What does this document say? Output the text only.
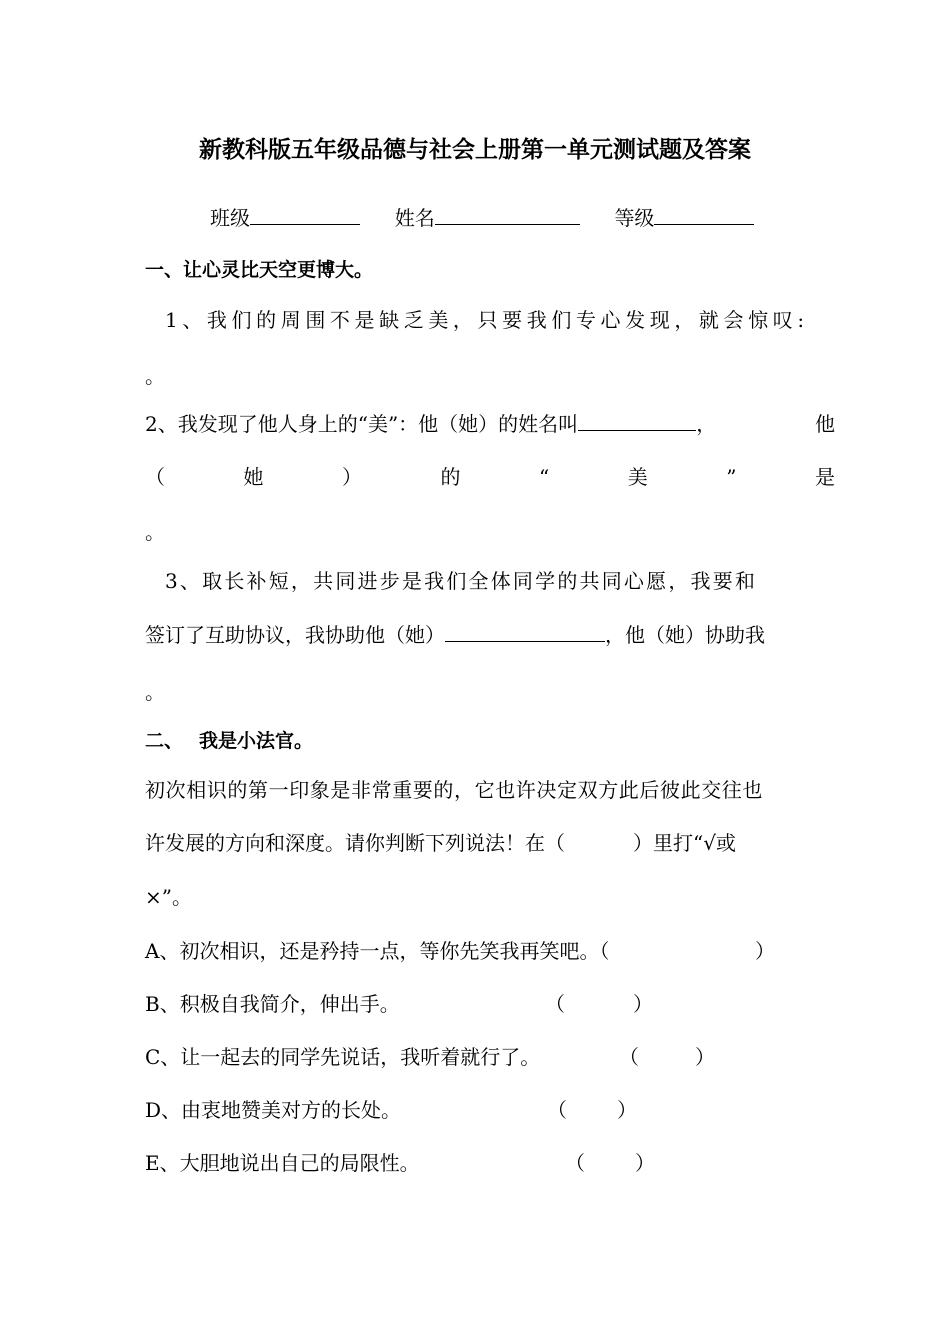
新教科版五年级品德与社会上册第一单元测试题及答案
班级	姓名	等级
一、让心灵比天空更博大。
1、我们的周围不是缺乏美，只要我们专心发现，就会惊叹:
。
2、我发现了他人身上的“美”：他（她）的姓名叫	，	他
（	她	）	的	“	美	”	是
。
3、取长补短，共同进步是我们全体同学的共同心愿，我要和
签订了互助协议，我协助他（她）	，他（她）协助我
。
二、 我是小法官。
初次相识的第一印象是非常重要的，它也许决定双方此后彼此交往也
许发展的方向和深度。请你判断下列说法！在（	）里打“√或
×”。
A、初次相识，还是矜持一点，等你先笑我再笑吧。（	）
B、积极自我简介，伸出手。	（	）
C、让一起去的同学先说话，我听着就行了。	（	）
D、由衷地赞美对方的长处。	（	）
E、大胆地说出自己的局限性。	（	）
